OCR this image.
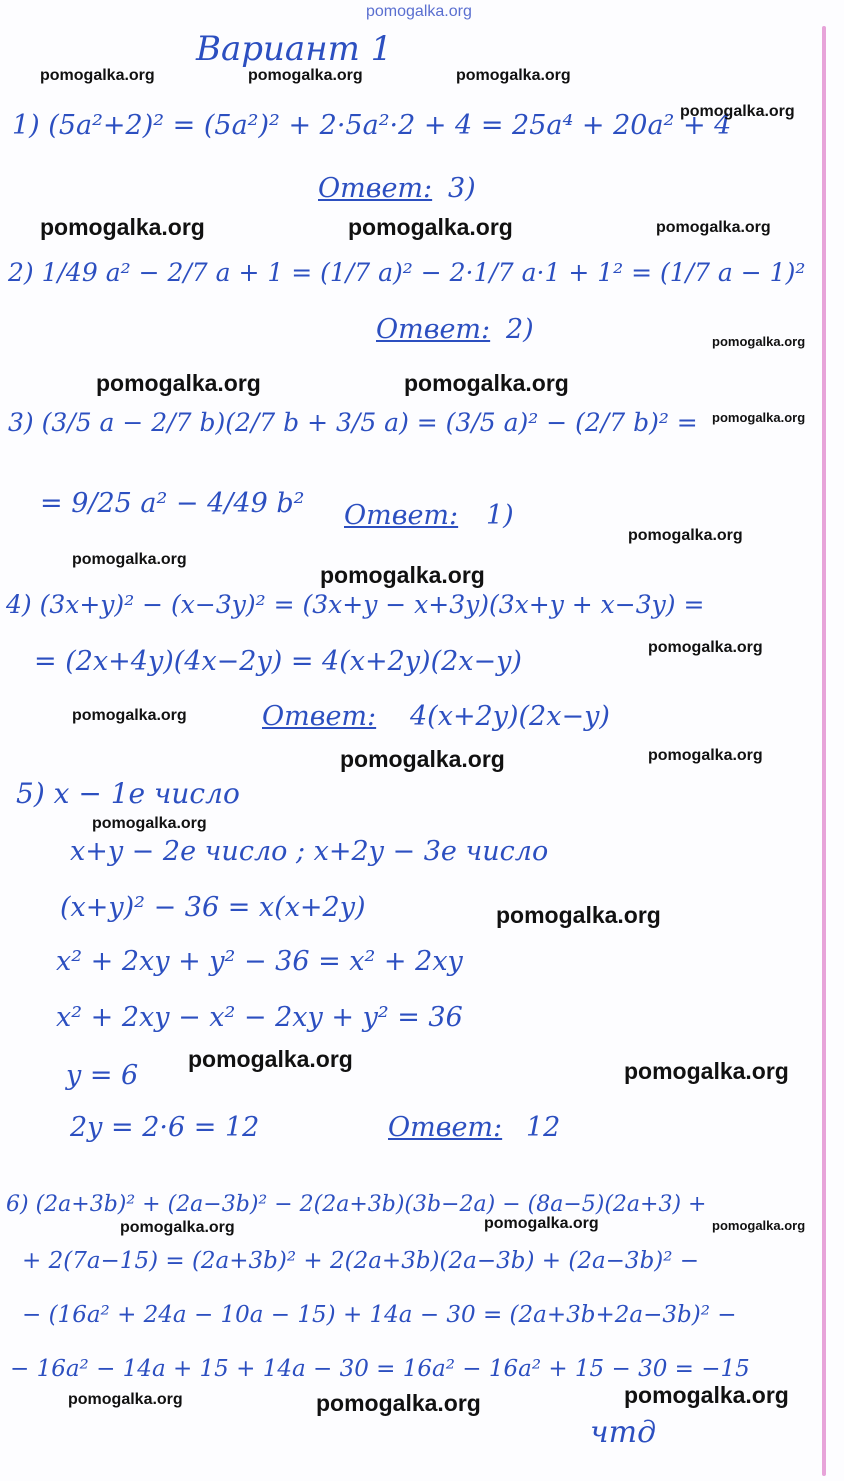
pomogalka.org
Вариант 1
1) (5a²+2)² = (5a²)² + 2·5a²·2 + 4 = 25a⁴ + 20a² + 4
Ответ: 3)
2) 1/49 a² − 2/7 a + 1 = (1/7 a)² − 2·1/7 a·1 + 1² = (1/7 a − 1)²
Ответ: 2)
3) (3/5 a − 2/7 b)(2/7 b + 3/5 a) = (3/5 a)² − (2/7 b)² =
= 9/25 a² − 4/49 b² Ответ: 1)
4) (3x+y)² − (x−3y)² = (3x+y − x+3y)(3x+y + x−3y) =
= (2x+4y)(4x−2y) = 4(x+2y)(2x−y)
Ответ: 4(x+2y)(2x−y)
5) x − 1е число
x+y − 2е число ; x+2y − 3е число
(x+y)² − 36 = x(x+2y)
x² + 2xy + y² − 36 = x² + 2xy
x² + 2xy − x² − 2xy + y² = 36
y = 6
2y = 2·6 = 12	Ответ: 12
6) (2a+3b)² + (2a−3b)² − 2(2a+3b)(3b−2a) − (8a−5)(2a+3) +
+ 2(7a−15) = (2a+3b)² + 2(2a+3b)(2a−3b) + (2a−3b)² −
− (16a² + 24a − 10a − 15) + 14a − 30 = (2a+3b+2a−3b)² −
− 16a² − 14a + 15 + 14a − 30 = 16a² − 16a² + 15 − 30 = −15
чтд
pomogalka.org	pomogalka.org	pomogalka.org
pomogalka.org
pomogalka.org	pomogalka.org	pomogalka.org
pomogalka.org
pomogalka.org	pomogalka.org
pomogalka.org
pomogalka.org
pomogalka.org
pomogalka.org
pomogalka.org
pomogalka.org
pomogalka.org	pomogalka.org
pomogalka.org
pomogalka.org
pomogalka.org	pomogalka.org
pomogalka.org	pomogalka.org	pomogalka.org
pomogalka.org	pomogalka.org	pomogalka.org
